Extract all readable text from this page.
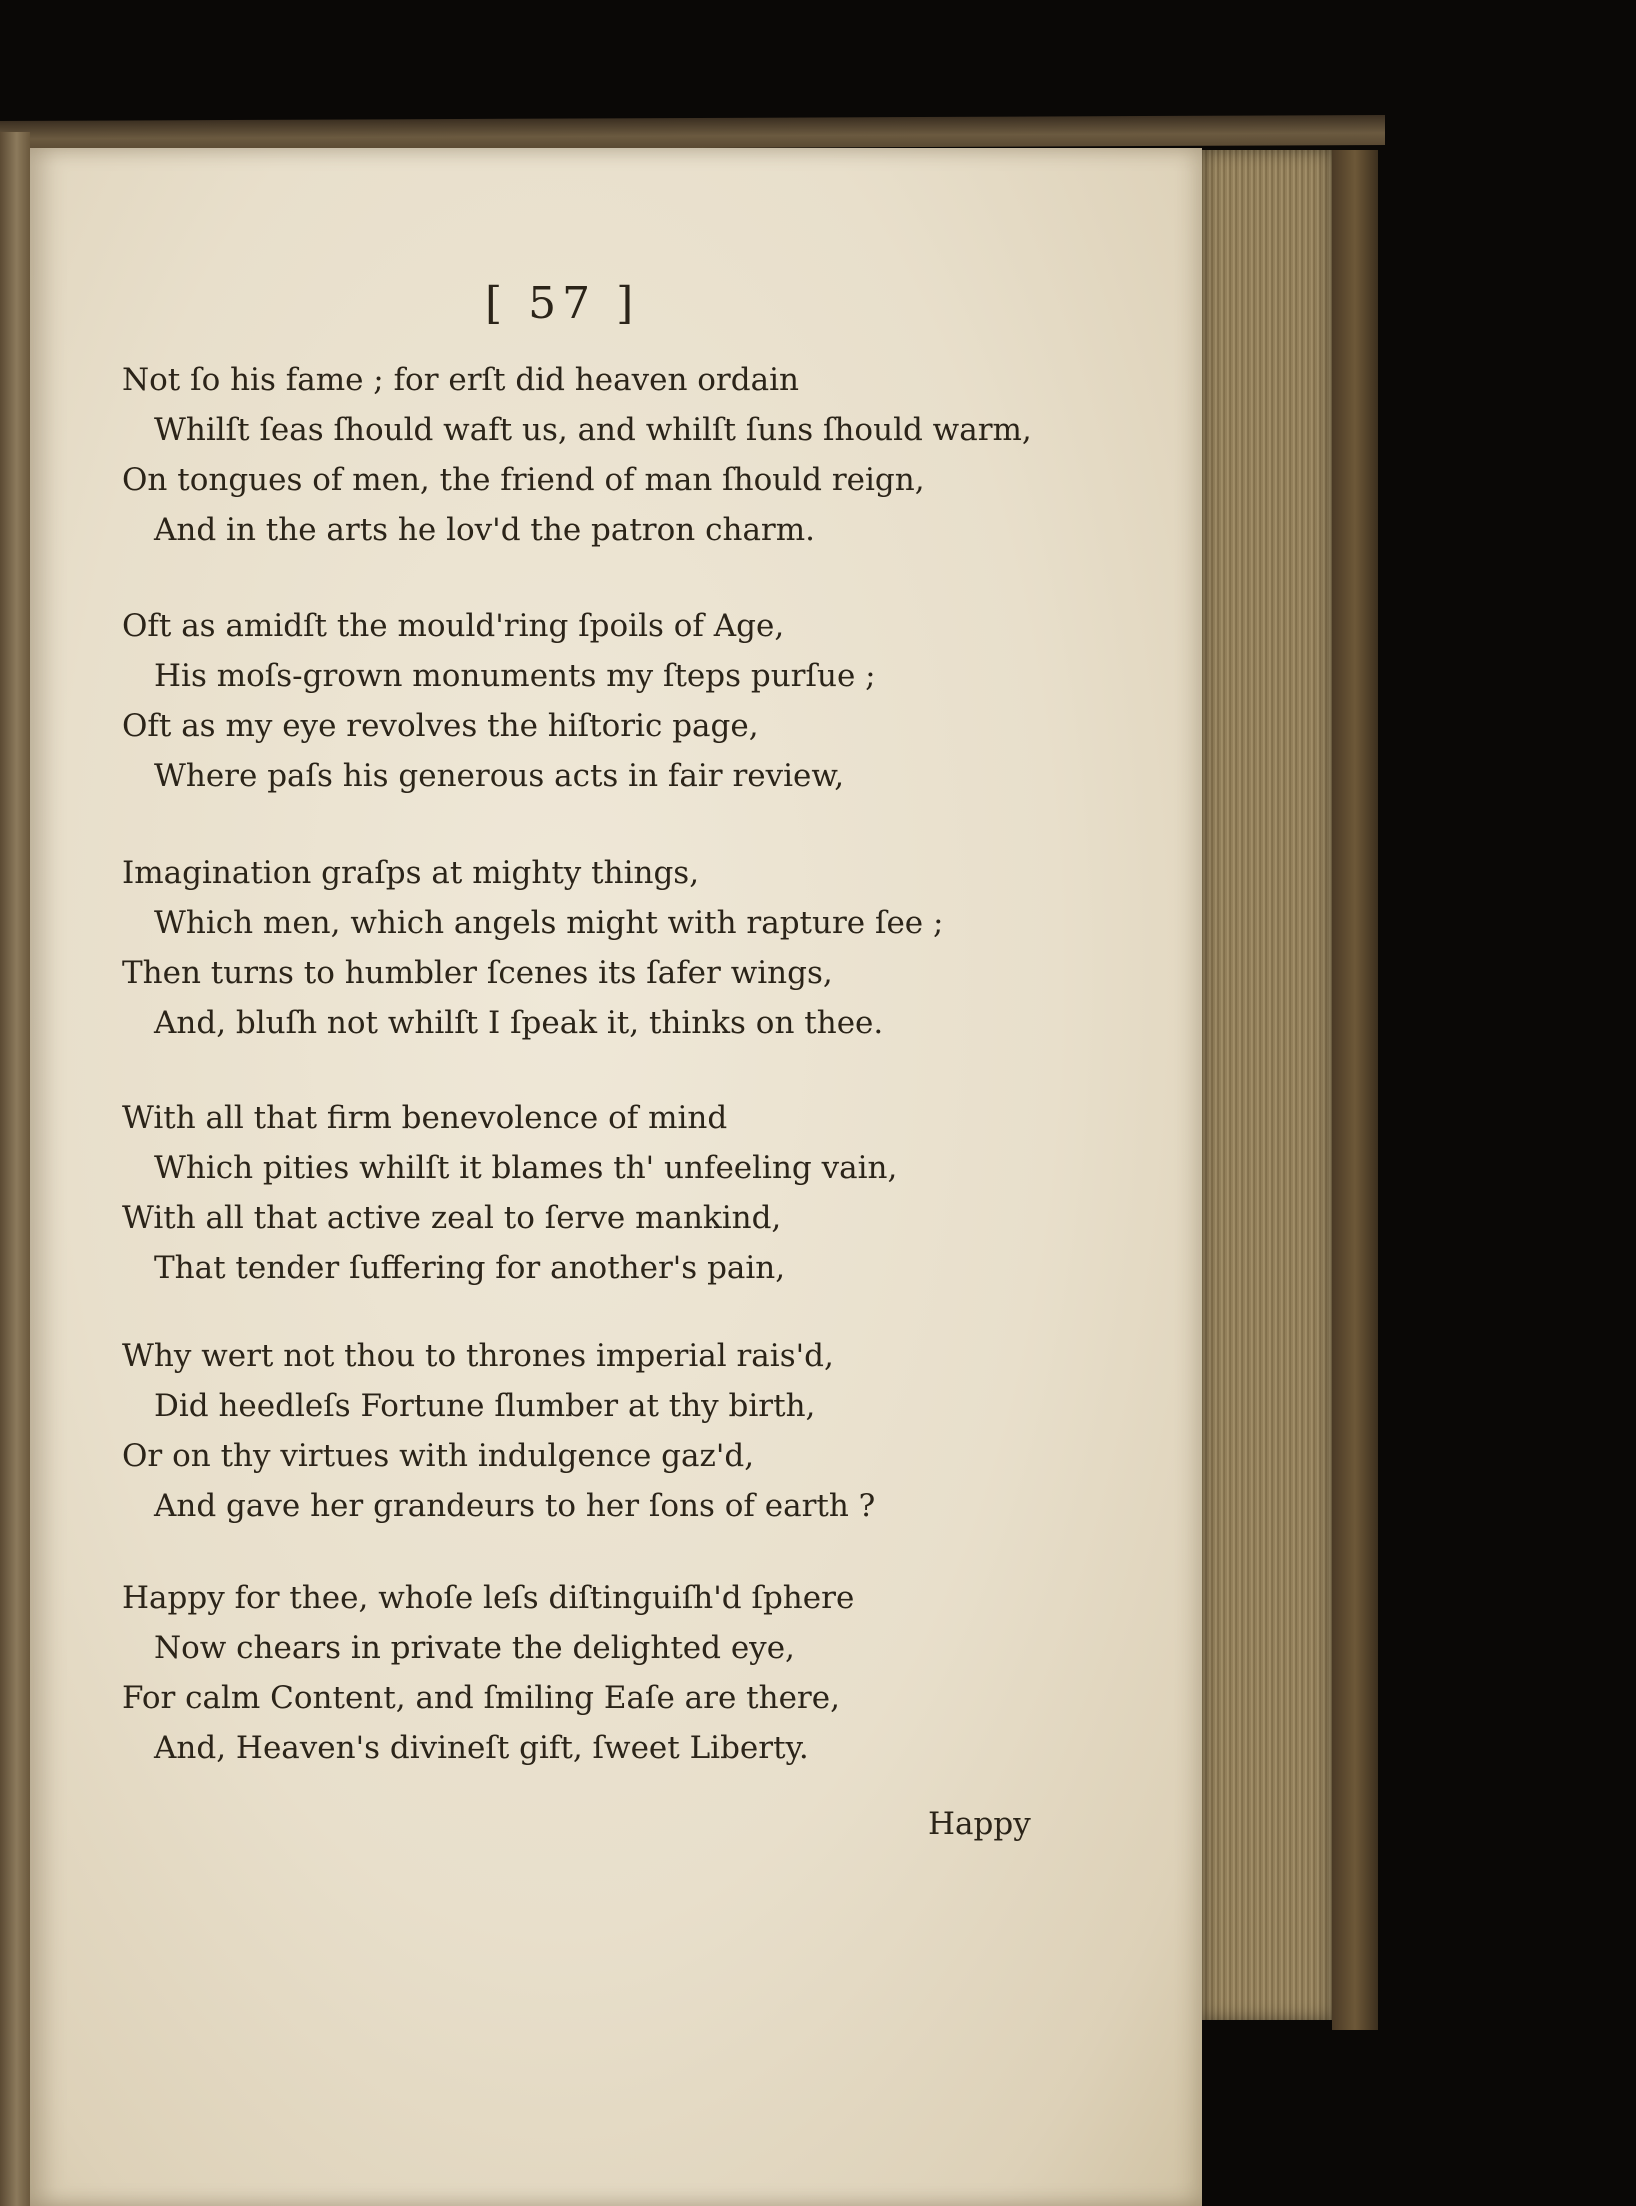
[ 57 ]
Not ſo his fame ; for erſt did heaven ordain
Whilſt ſeas ſhould waft us, and whilſt ſuns ſhould warm,
On tongues of men, the friend of man ſhould reign,
And in the arts he lov'd the patron charm.
Oft as amidſt the mould'ring ſpoils of Age,
His moſs-grown monuments my ſteps purſue ;
Oft as my eye revolves the hiſtoric page,
Where paſs his generous acts in fair review,
Imagination graſps at mighty things,
Which men, which angels might with rapture ſee ;
Then turns to humbler ſcenes its ſafer wings,
And, bluſh not whilſt I ſpeak it, thinks on thee.
With all that firm benevolence of mind
Which pities whilſt it blames th' unfeeling vain,
With all that active zeal to ſerve mankind,
That tender ſuffering for another's pain,
Why wert not thou to thrones imperial rais'd,
Did heedleſs Fortune ſlumber at thy birth,
Or on thy virtues with indulgence gaz'd,
And gave her grandeurs to her ſons of earth ?
Happy for thee, whoſe leſs diſtinguiſh'd ſphere
Now chears in private the delighted eye,
For calm Content, and ſmiling Eaſe are there,
And, Heaven's divineſt gift, ſweet Liberty.
Happy
